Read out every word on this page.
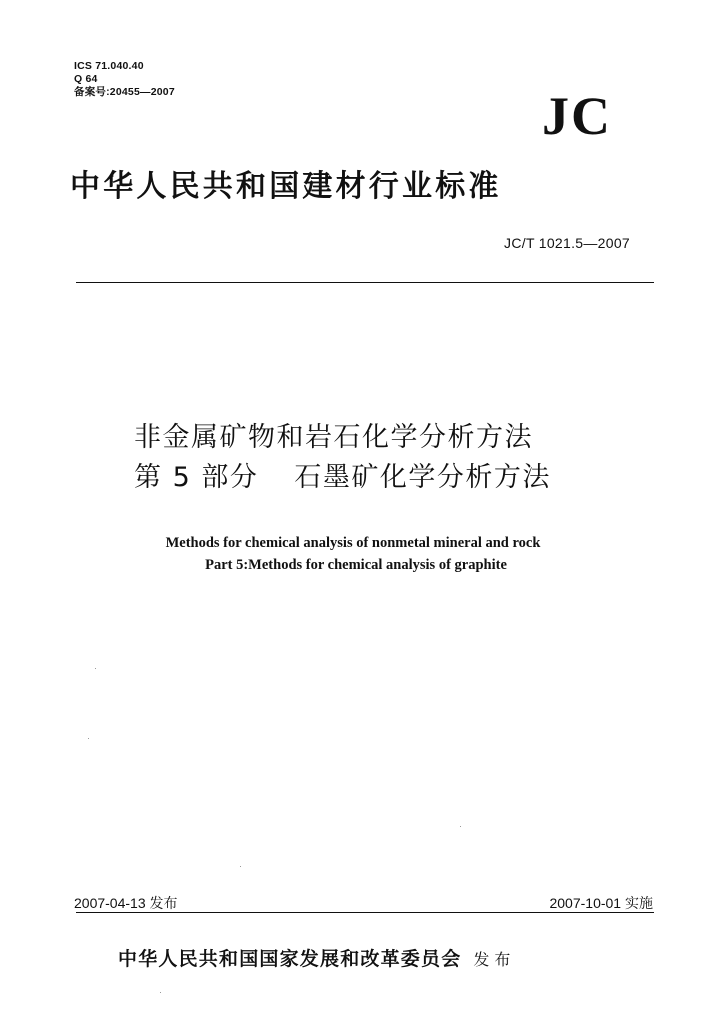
ICS 71.040.40
Q 64
备案号:20455—2007	JC
中华人民共和国建材行业标准
JC/T 1021.5—2007
非金属矿物和岩石化学分析方法
第 5 部分 石墨矿化学分析方法
Methods for chemical analysis of nonmetal mineral and rock
Part 5:Methods for chemical analysis of graphite
2007-04-13 发布	2007-10-01 实施
中华人民共和国国家发展和改革委员会 发布
